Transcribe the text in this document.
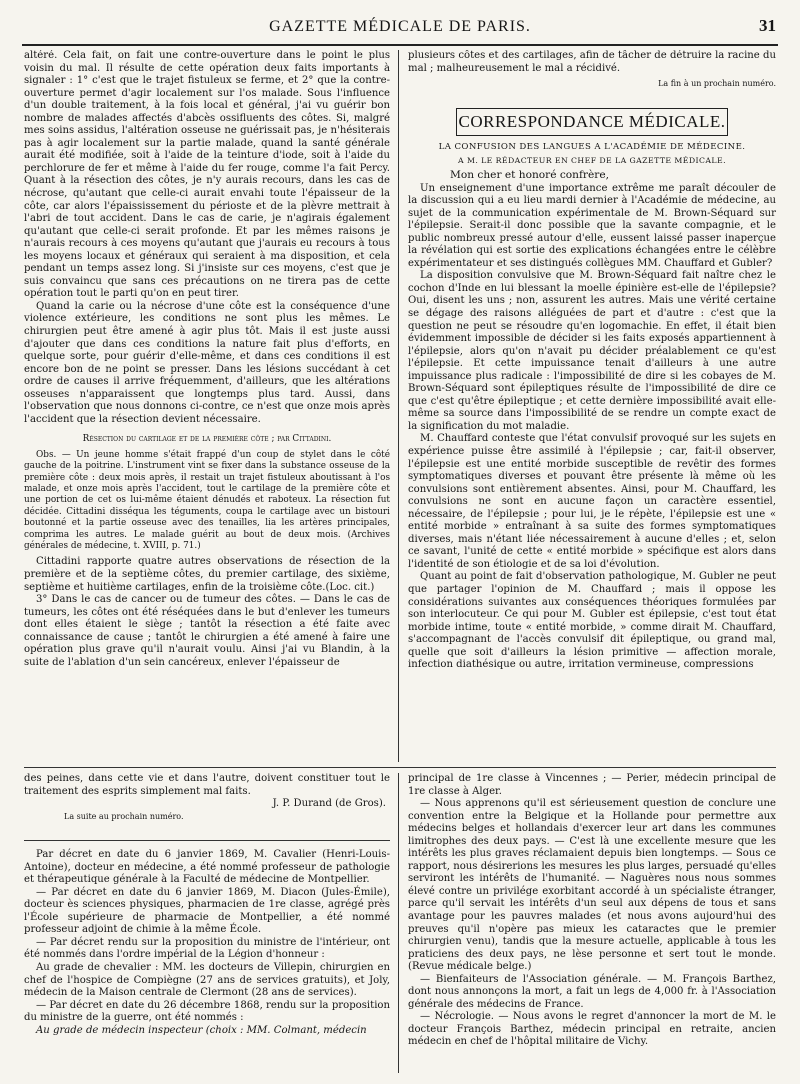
GAZETTE MÉDICALE DE PARIS.	31

altéré. Cela fait, on fait une contre-ouverture dans le point le plus voisin du mal. Il résulte de cette opération deux faits importants à signaler : 1° c'est que le trajet fistuleux se ferme, et 2° que la contre-ouverture permet d'agir localement sur l'os malade. Sous l'influence d'un double traitement, à la fois local et général, j'ai vu guérir bon nombre de malades affectés d'abcès ossifluents des côtes. Si, malgré mes soins assidus, l'altération osseuse ne guérissait pas, je n'hésiterais pas à agir localement sur la partie malade, quand la santé générale aurait été modifiée, soit à l'aide de la teinture d'iode, soit à l'aide du perchlorure de fer et même à l'aide du fer rouge, comme l'a fait Percy. Quant à la résection des côtes, je n'y aurais recours, dans les cas de nécrose, qu'autant que celle-ci aurait envahi toute l'épaisseur de la côte, car alors l'épaississement du périoste et de la plèvre mettrait à l'abri de tout accident. Dans le cas de carie, je n'agirais également qu'autant que celle-ci serait profonde. Et par les mêmes raisons je n'aurais recours à ces moyens qu'autant que j'aurais eu recours à tous les moyens locaux et généraux qui seraient à ma disposition, et cela pendant un temps assez long. Si j'insiste sur ces moyens, c'est que je suis convaincu que sans ces précautions on ne tirera pas de cette opération tout le parti qu'on en peut tirer.

Quand la carie ou la nécrose d'une côte est la conséquence d'une violence extérieure, les conditions ne sont plus les mêmes. Le chirurgien peut être amené à agir plus tôt. Mais il est juste aussi d'ajouter que dans ces conditions la nature fait plus d'efforts, en quelque sorte, pour guérir d'elle-même, et dans ces conditions il est encore bon de ne point se presser. Dans les lésions succédant à cet ordre de causes il arrive fréquemment, d'ailleurs, que les altérations osseuses n'apparaissent que longtemps plus tard. Aussi, dans l'observation que nous donnons ci-contre, ce n'est que onze mois après l'accident que la résection devient nécessaire.

Résection du cartilage et de la première côte ; par Cittadini.

Obs. — Un jeune homme s'était frappé d'un coup de stylet dans le côté gauche de la poitrine. L'instrument vint se fixer dans la substance osseuse de la première côte : deux mois après, il restait un trajet fistuleux aboutissant à l'os malade, et onze mois après l'accident, tout le cartilage de la première côte et une portion de cet os lui-même étaient dénudés et raboteux. La résection fut décidée. Cittadini disséqua les téguments, coupa le cartilage avec un bistouri boutonné et la partie osseuse avec des tenailles, lia les artères principales, comprima les autres. Le malade guérit au bout de deux mois. (Archives générales de médecine, t. XVIII, p. 71.)

Cittadini rapporte quatre autres observations de résection de la première et de la septième côtes, du premier cartilage, des sixième, septième et huitième cartilages, enfin de la troisième côte.(Loc. cit.)

3° Dans le cas de cancer ou de tumeur des côtes. — Dans le cas de tumeurs, les côtes ont été réséquées dans le but d'enlever les tumeurs dont elles étaient le siège ; tantôt la résection a été faite avec connaissance de cause ; tantôt le chirurgien a été amené à faire une opération plus grave qu'il n'aurait voulu. Ainsi j'ai vu Blandin, à la suite de l'ablation d'un sein cancéreux, enlever l'épaisseur de

plusieurs côtes et des cartilages, afin de tâcher de détruire la racine du mal ; malheureusement le mal a récidivé.

La fin à un prochain numéro.

CORRESPONDANCE MÉDICALE.
LA CONFUSION DES LANGUES A L'ACADÉMIE DE MÉDECINE.
A M. LE RÉDACTEUR EN CHEF DE LA GAZETTE MÉDICALE.
Mon cher et honoré confrère,

Un enseignement d'une importance extrême me paraît découler de la discussion qui a eu lieu mardi dernier à l'Académie de médecine, au sujet de la communication expérimentale de M. Brown-Séquard sur l'épilepsie. Serait-il donc possible que la savante compagnie, et le public nombreux pressé autour d'elle, eussent laissé passer inaperçue la révélation qui est sortie des explications échangées entre le célèbre expérimentateur et ses distingués collègues MM. Chauffard et Gubler?

La disposition convulsive que M. Brown-Séquard fait naître chez le cochon d'Inde en lui blessant la moelle épinière est-elle de l'épilepsie? Oui, disent les uns ; non, assurent les autres. Mais une vérité certaine se dégage des raisons alléguées de part et d'autre : c'est que la question ne peut se résoudre qu'en logomachie. En effet, il était bien évidemment impossible de décider si les faits exposés appartiennent à l'épilepsie, alors qu'on n'avait pu décider préalablement ce qu'est l'épilepsie. Et cette impuissance tenait d'ailleurs à une autre impuissance plus radicale : l'impossibilité de dire si les cobayes de M. Brown-Séquard sont épileptiques résulte de l'impossibilité de dire ce que c'est qu'être épileptique ; et cette dernière impossibilité avait elle-même sa source dans l'impossibilité de se rendre un compte exact de la signification du mot maladie.

M. Chauffard conteste que l'état convulsif provoqué sur les sujets en expérience puisse être assimilé à l'épilepsie ; car, fait-il observer, l'épilepsie est une entité morbide susceptible de revêtir des formes symptomatiques diverses et pouvant être présente là même où les convulsions sont entièrement absentes. Ainsi, pour M. Chauffard, les convulsions ne sont en aucune façon un caractère essentiel, nécessaire, de l'épilepsie ; pour lui, je le répète, l'épilepsie est une « entité morbide » entraînant à sa suite des formes symptomatiques diverses, mais n'étant liée nécessairement à aucune d'elles ; et, selon ce savant, l'unité de cette « entité morbide » spécifique est alors dans l'identité de son étiologie et de sa loi d'évolution.

Quant au point de fait d'observation pathologique, M. Gubler ne peut que partager l'opinion de M. Chauffard ; mais il oppose les considérations suivantes aux conséquences théoriques formulées par son interlocuteur. Ce qui pour M. Gubler est épilepsie, c'est tout état morbide intime, toute « entité morbide, » comme dirait M. Chauffard, s'accompagnant de l'accès convulsif dit épileptique, ou grand mal, quelle que soit d'ailleurs la lésion primitive — affection morale, infection diathésique ou autre, irritation vermineuse, compressions

des peines, dans cette vie et dans l'autre, doivent constituer tout le traitement des esprits simplement mal faits.

J. P. Durand (de Gros).

La suite au prochain numéro.

Par décret en date du 6 janvier 1869, M. Cavalier (Henri-Louis-Antoine), docteur en médecine, a été nommé professeur de pathologie et thérapeutique générale à la Faculté de médecine de Montpellier.

— Par décret en date du 6 janvier 1869, M. Diacon (Jules-Émile), docteur ès sciences physiques, pharmacien de 1re classe, agrégé près l'École supérieure de pharmacie de Montpellier, a été nommé professeur adjoint de chimie à la même École.

— Par décret rendu sur la proposition du ministre de l'intérieur, ont été nommés dans l'ordre impérial de la Légion d'honneur :

Au grade de chevalier : MM. les docteurs de Villepin, chirurgien en chef de l'hospice de Compiègne (27 ans de services gratuits), et Joly, médecin de la Maison centrale de Clermont (28 ans de services).

— Par décret en date du 26 décembre 1868, rendu sur la proposition du ministre de la guerre, ont été nommés :

Au grade de médecin inspecteur (choix : MM. Colmant, médecin

principal de 1re classe à Vincennes ; — Perier, médecin principal de 1re classe à Alger.

— Nous apprenons qu'il est sérieusement question de conclure une convention entre la Belgique et la Hollande pour permettre aux médecins belges et hollandais d'exercer leur art dans les communes limitrophes des deux pays. — C'est là une excellente mesure que les intérêts les plus graves réclamaient depuis bien longtemps. — Sous ce rapport, nous désirerions les mesures les plus larges, persuadé qu'elles serviront les intérêts de l'humanité. — Naguères nous nous sommes élevé contre un privilége exorbitant accordé à un spécialiste étranger, parce qu'il servait les intérêts d'un seul aux dépens de tous et sans avantage pour les pauvres malades (et nous avons aujourd'hui des preuves qu'il n'opère pas mieux les cataractes que le premier chirurgien venu), tandis que la mesure actuelle, applicable à tous les praticiens des deux pays, ne lèse personne et sert tout le monde. (Revue médicale belge.)

— Bienfaiteurs de l'Association générale. — M. François Barthez, dont nous annonçons la mort, a fait un legs de 4,000 fr. à l'Association générale des médecins de France.

— Nécrologie. — Nous avons le regret d'annoncer la mort de M. le docteur François Barthez, médecin principal en retraite, ancien médecin en chef de l'hôpital militaire de Vichy.
